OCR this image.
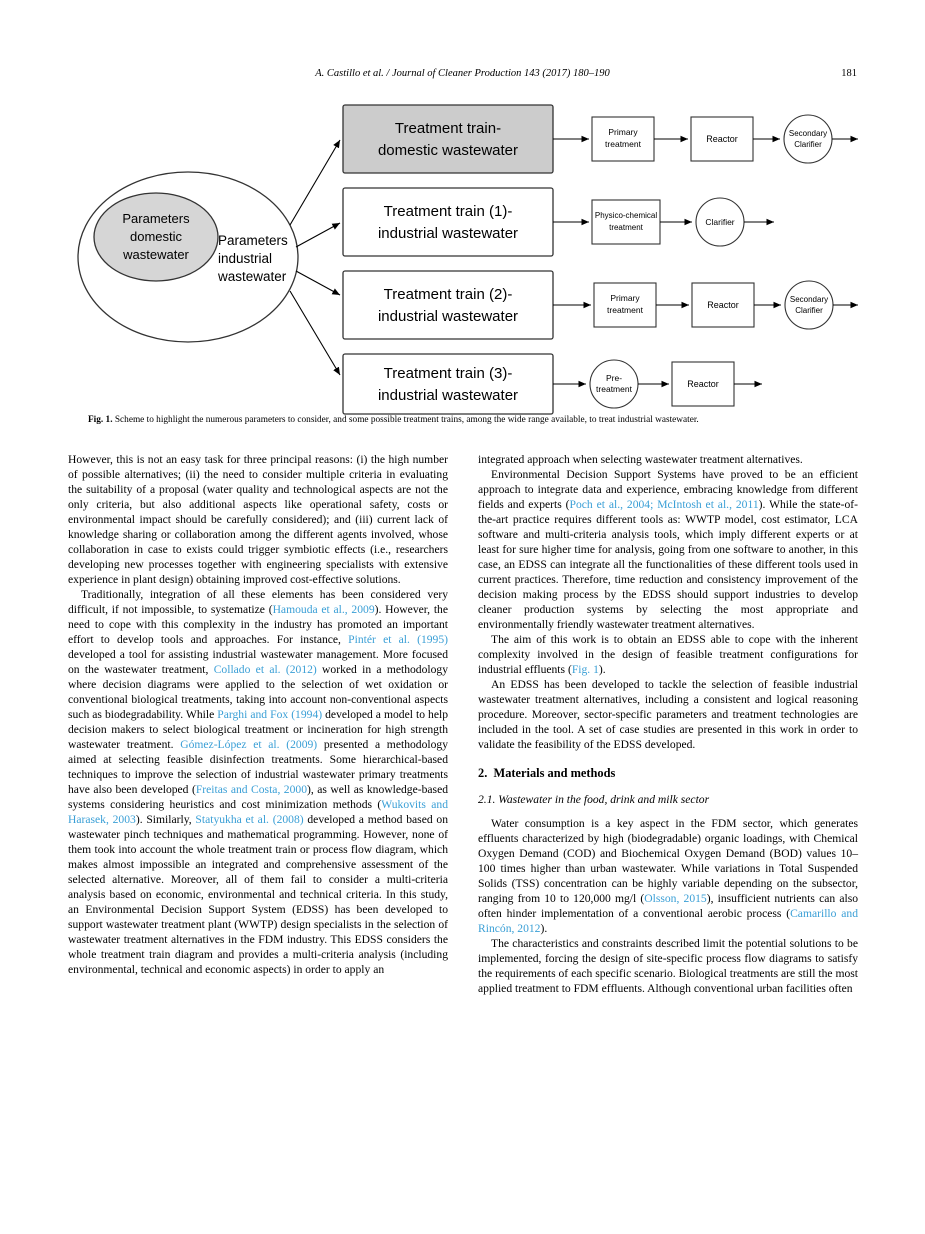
A. Castillo et al. / Journal of Cleaner Production 143 (2017) 180–190	181
Parameters
industrial
wastewater
Parameters
domestic
wastewater
Treatment train-
domestic wastewater
Primary
treatment	Reactor
Secondary
Clarifier
Treatment train (1)-
industrial wastewater
Physico-chemical
treatment
Clarifier
Treatment train (2)-
industrial wastewater
Primary
treatment	Reactor
Secondary
Clarifier
Treatment train (3)-
industrial wastewater
Pre-
treatment	Reactor
Fig. 1. Scheme to highlight the numerous parameters to consider, and some possible treatment trains, among the wide range available, to treat industrial wastewater.

However, this is not an easy task for three principal reasons: (i) the high number of possible alternatives; (ii) the need to consider multiple criteria in evaluating the suitability of a proposal (water quality and technological aspects are not the only criteria, but also additional aspects like operational safety, costs or environmental impact should be carefully considered); and (iii) current lack of knowledge sharing or collaboration among the different agents involved, whose collaboration in case to exists could trigger symbiotic effects (i.e., researchers developing new processes together with engineering specialists with extensive experience in plant design) obtaining improved cost-effective solutions.

Traditionally, integration of all these elements has been considered very difficult, if not impossible, to systematize (Hamouda et al., 2009). However, the need to cope with this complexity in the industry has promoted an important effort to develop tools and approaches. For instance, Pintér et al. (1995) developed a tool for assisting industrial wastewater management. More focused on the wastewater treatment, Collado et al. (2012) worked in a methodology where decision diagrams were applied to the selection of wet oxidation or conventional biological treatments, taking into account non-conventional aspects such as biodegradability. While Parghi and Fox (1994) developed a model to help decision makers to select biological treatment or incineration for high strength wastewater treatment. Gómez-López et al. (2009) presented a methodology aimed at selecting feasible disinfection treatments. Some hierarchical-based techniques to improve the selection of industrial wastewater primary treatments have also been developed (Freitas and Costa, 2000), as well as knowledge-based systems considering heuristics and cost minimization methods (Wukovits and Harasek, 2003). Similarly, Statyukha et al. (2008) developed a method based on wastewater pinch techniques and mathematical programming. However, none of them took into account the whole treatment train or process flow diagram, which makes almost impossible an integrated and comprehensive assessment of the selected alternative. Moreover, all of them fail to consider a multi-criteria analysis based on economic, environmental and technical criteria. In this study, an Environmental Decision Support System (EDSS) has been developed to support wastewater treatment plant (WWTP) design specialists in the selection of wastewater treatment alternatives in the FDM industry. This EDSS considers the whole treatment train diagram and provides a multi-criteria analysis (including environmental, technical and economic aspects) in order to apply an

integrated approach when selecting wastewater treatment alternatives.

Environmental Decision Support Systems have proved to be an efficient approach to integrate data and experience, embracing knowledge from different fields and experts (Poch et al., 2004; McIntosh et al., 2011). While the state-of-the-art practice requires different tools as: WWTP model, cost estimator, LCA software and multi-criteria analysis tools, which imply different experts or at least for sure higher time for analysis, going from one software to another, in this case, an EDSS can integrate all the functionalities of these different tools used in current practices. Therefore, time reduction and consistency improvement of the decision making process by the EDSS should support industries to develop cleaner production systems by selecting the most appropriate and environmentally friendly wastewater treatment alternatives.

The aim of this work is to obtain an EDSS able to cope with the inherent complexity involved in the design of feasible treatment configurations for industrial effluents (Fig. 1).

An EDSS has been developed to tackle the selection of feasible industrial wastewater treatment alternatives, including a consistent and logical reasoning procedure. Moreover, sector-specific parameters and treatment technologies are included in the tool. A set of case studies are presented in this work in order to validate the feasibility of the EDSS developed.

2. Materials and methods
2.1. Wastewater in the food, drink and milk sector

Water consumption is a key aspect in the FDM sector, which generates effluents characterized by high (biodegradable) organic loadings, with Chemical Oxygen Demand (COD) and Biochemical Oxygen Demand (BOD) values 10–100 times higher than urban wastewater. While variations in Total Suspended Solids (TSS) concentration can be highly variable depending on the subsector, ranging from 10 to 120,000 mg/l (Olsson, 2015), insufficient nutrients can also often hinder implementation of a conventional aerobic process (Camarillo and Rincón, 2012).

The characteristics and constraints described limit the potential solutions to be implemented, forcing the design of site-specific process flow diagrams to satisfy the requirements of each specific scenario. Biological treatments are still the most applied treatment to FDM effluents. Although conventional urban facilities often
